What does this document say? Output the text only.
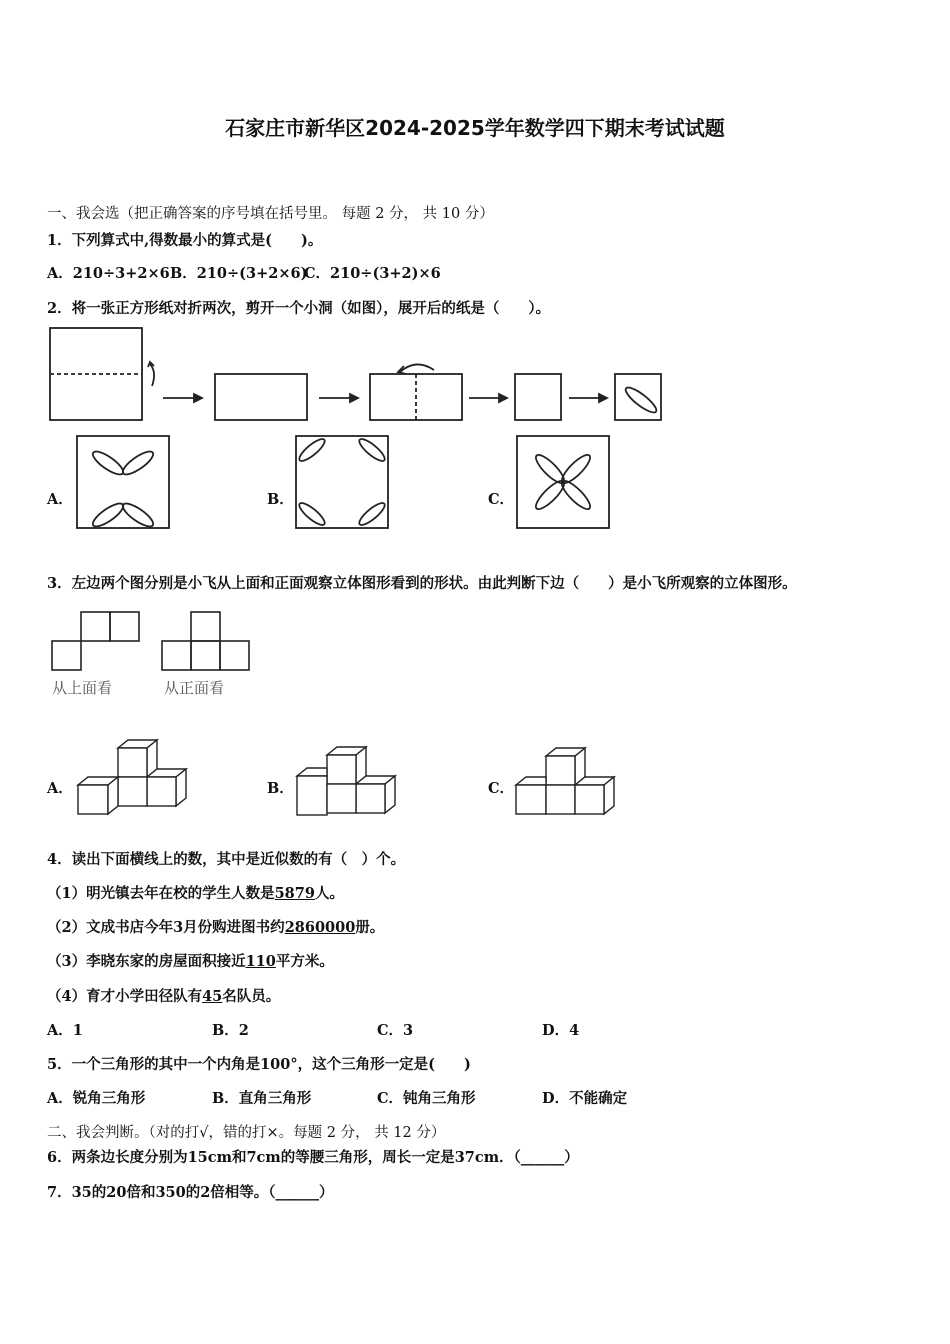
石家庄市新华区2024-2025学年数学四下期末考试试题
一、我会选（把正确答案的序号填在括号里。 每题 2 分， 共 10 分）
1．下列算式中,得数最小的算式是(　　)。
A．210÷3+2×6 B．210÷(3+2×6)
C．210÷(3+2)×6
2．将一张正方形纸对折两次，剪开一个小洞（如图），展开后的纸是（　　）。
A．	B．	C．
3．左边两个图分别是小飞从上面和正面观察立体图形看到的形状。由此判断下边（　　）是小飞所观察的立体图形。
从上面看	从正面看
A．	B．	C．
4．读出下面横线上的数，其中是近似数的有（　）个。
（1）明光镇去年在校的学生人数是5879人。
（2）文成书店今年3月份购进图书约2860000册。
（3）李晓东家的房屋面积接近110平方米。
（4）育才小学田径队有45名队员。
A．1	B．2	C．3	D．4
5．一个三角形的其中一个内角是100°，这个三角形一定是(　　)
A．锐角三角形	B．直角三角形	C．钝角三角形	D．不能确定
二、我会判断。（对的打√，错的打×。每题 2 分， 共 12 分）
6．两条边长度分别为15cm和7cm的等腰三角形，周长一定是37cm．（______）
7．35的20倍和350的2倍相等。（______）
